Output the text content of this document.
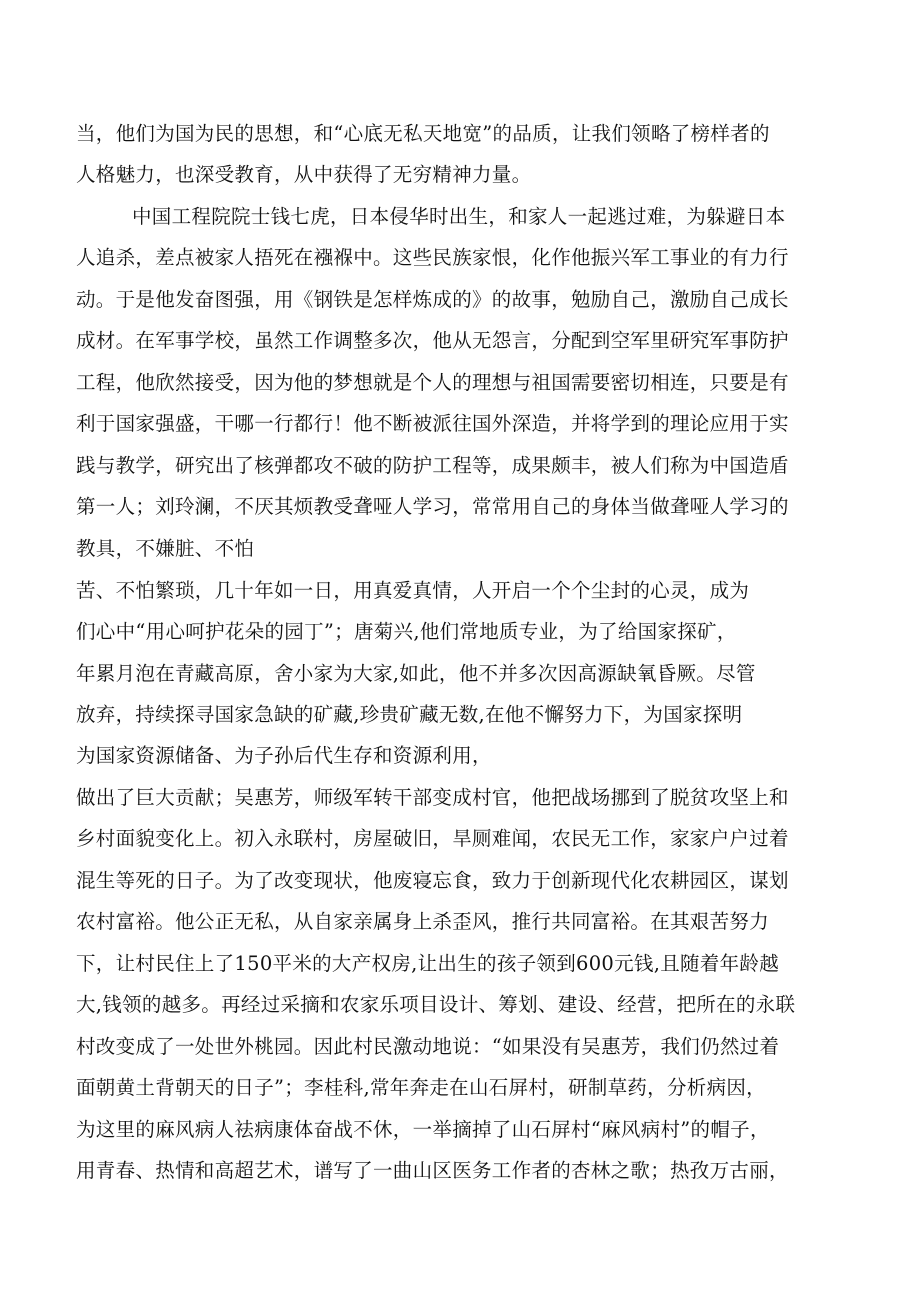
当，他们为国为民的思想，和“心底无私天地宽”的品质，让我们领略了榜样者的
人格魅力，也深受教育，从中获得了无穷精神力量。
中国工程院院士钱七虎，日本侵华时出生，和家人一起逃过难，为躲避日本
人追杀，差点被家人捂死在襁褓中。这些民族家恨，化作他振兴军工事业的有力行
动。于是他发奋图强，用《钢铁是怎样炼成的》的故事，勉励自己，激励自己成长
成材。在军事学校，虽然工作调整多次，他从无怨言，分配到空军里研究军事防护
工程，他欣然接受，因为他的梦想就是个人的理想与祖国需要密切相连，只要是有
利于国家强盛，干哪一行都行！他不断被派往国外深造，并将学到的理论应用于实
践与教学，研究出了核弹都攻不破的防护工程等，成果颇丰，被人们称为中国造盾
第一人；刘玲澜，不厌其烦教受聋哑人学习，常常用自己的身体当做聋哑人学习的
教具，不嫌脏、不怕
苦、不怕繁琐，几十年如一日，用真爱真情，人开启一个个尘封的心灵，成为
们心中“用心呵护花朵的园丁”；唐菊兴,他们常地质专业，为了给国家探矿，
年累月泡在青藏高原，舍小家为大家,如此，他不并多次因高源缺氧昏厥。尽管
放弃，持续探寻国家急缺的矿藏,珍贵矿藏无数,在他不懈努力下，为国家探明
为国家资源储备、为子孙后代生存和资源利用，
做出了巨大贡献；吴惠芳，师级军转干部变成村官，他把战场挪到了脱贫攻坚上和
乡村面貌变化上。初入永联村，房屋破旧，旱厕难闻，农民无工作，家家户户过着
混生等死的日子。为了改变现状，他废寝忘食，致力于创新现代化农耕园区，谋划
农村富裕。他公正无私，从自家亲属身上杀歪风，推行共同富裕。在其艰苦努力
下，让村民住上了150平米的大产权房,让出生的孩子领到600元钱,且随着年龄越
大,钱领的越多。再经过采摘和农家乐项目设计、筹划、建设、经营，把所在的永联
村改变成了一处世外桃园。因此村民激动地说：“如果没有吴惠芳，我们仍然过着
面朝黄土背朝天的日子”；李桂科,常年奔走在山石屏村，研制草药，分析病因，
为这里的麻风病人祛病康体奋战不休，一举摘掉了山石屏村“麻风病村”的帽子，
用青春、热情和高超艺术，谱写了一曲山区医务工作者的杏林之歌；热孜万古丽，
